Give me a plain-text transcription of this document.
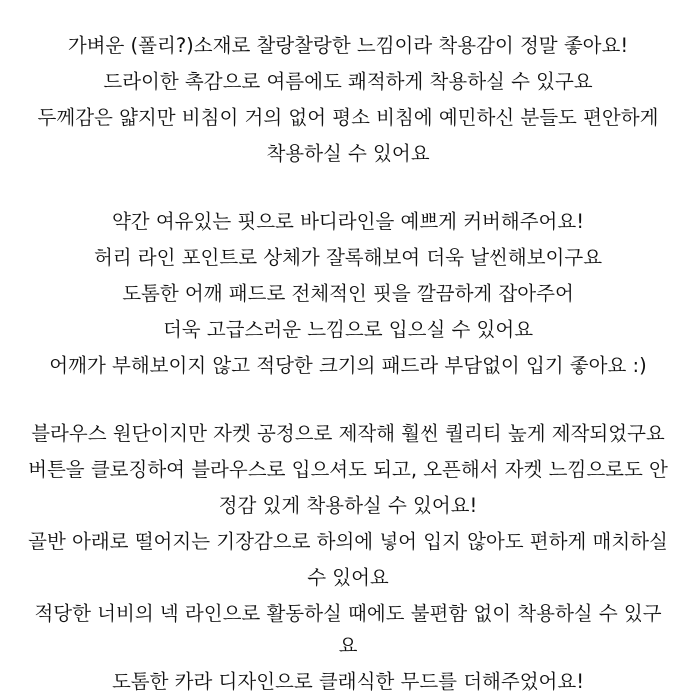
가벼운 (폴리?)소재로 찰랑찰랑한 느낌이라 착용감이 정말 좋아요!
드라이한 촉감으로 여름에도 쾌적하게 착용하실 수 있구요
두께감은 얇지만 비침이 거의 없어 평소 비침에 예민하신 분들도 편안하게
착용하실 수 있어요
약간 여유있는 핏으로 바디라인을 예쁘게 커버해주어요!
허리 라인 포인트로 상체가 잘록해보여 더욱 날씬해보이구요
도톰한 어깨 패드로 전체적인 핏을 깔끔하게 잡아주어
더욱 고급스러운 느낌으로 입으실 수 있어요
어깨가 부해보이지 않고 적당한 크기의 패드라 부담없이 입기 좋아요 :)
블라우스 원단이지만 자켓 공정으로 제작해 훨씬 퀄리티 높게 제작되었구요
버튼을 클로징하여 블라우스로 입으셔도 되고, 오픈해서 자켓 느낌으로도 안
정감 있게 착용하실 수 있어요!
골반 아래로 떨어지는 기장감으로 하의에 넣어 입지 않아도 편하게 매치하실
수 있어요
적당한 너비의 넥 라인으로 활동하실 때에도 불편함 없이 착용하실 수 있구
요
도톰한 카라 디자인으로 클래식한 무드를 더해주었어요!
